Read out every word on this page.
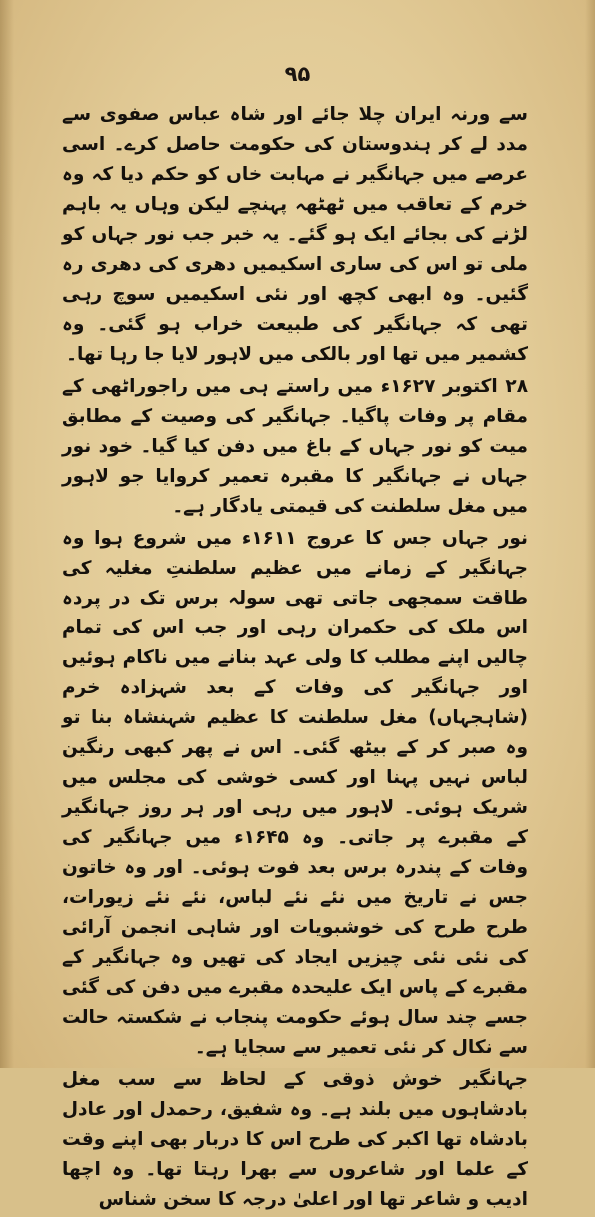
۹۵

سے ورنہ ایران چلا جائے اور شاہ عباس صفوی سے مدد لے کر ہندوستان کی حکومت حاصل کرے۔ اسی عرصے میں جہانگیر نے مہابت خاں کو حکم دیا کہ وہ خرم کے تعاقب میں ٹھٹھہ پہنچے لیکن وہاں یہ باہم لڑنے کی بجائے ایک ہو گئے۔ یہ خبر جب نور جہاں کو ملی تو اس کی ساری اسکیمیں دھری کی دھری رہ گئیں۔ وہ ابھی کچھ اور نئی اسکیمیں سوچ رہی تھی کہ جہانگیر کی طبیعت خراب ہو گئی۔ وہ کشمیر میں تھا اور بالکی میں لاہور لایا جا رہا تھا۔

۲۸ اکتوبر ۱۶۲۷ء میں راستے ہی میں راجوراٹھی کے مقام پر وفات پاگیا۔ جہانگیر کی وصیت کے مطابق میت کو نور جہاں کے باغ میں دفن کیا گیا۔ خود نور جہاں نے جہانگیر کا مقبرہ تعمیر کروایا جو لاہور میں مغل سلطنت کی قیمتی یادگار ہے۔

نور جہاں جس کا عروج ۱۶۱۱ء میں شروع ہوا وہ جہانگیر کے زمانے میں عظیم سلطنتِ مغلیہ کی طاقت سمجھی جاتی تھی سولہ برس تک در پردہ اس ملک کی حکمران رہی اور جب اس کی تمام چالیں اپنے مطلب کا ولی عہد بنانے میں ناکام ہوئیں اور جہانگیر کی وفات کے بعد شہزادہ خرم (شاہجہاں) مغل سلطنت کا عظیم شہنشاہ بنا تو وہ صبر کر کے بیٹھ گئی۔ اس نے پھر کبھی رنگین لباس نہیں پہنا اور کسی خوشی کی مجلس میں شریک ہوئی۔ لاہور میں رہی اور ہر روز جہانگیر کے مقبرے پر جاتی۔ وہ ۱۶۴۵ء میں جہانگیر کی وفات کے پندرہ برس بعد فوت ہوئی۔ اور وہ خاتون جس نے تاریخ میں نئے نئے لباس، نئے نئے زیورات، طرح طرح کی خوشبویات اور شاہی انجمن آرائی کی نئی نئی چیزیں ایجاد کی تھیں وہ جہانگیر کے مقبرے کے پاس ایک علیحدہ مقبرے میں دفن کی گئی جسے چند سال ہوئے حکومت پنجاب نے شکستہ حالت سے نکال کر نئی تعمیر سے سجایا ہے۔

جہانگیر خوش ذوقی کے لحاظ سے سب مغل بادشاہوں میں بلند ہے۔ وہ شفیق، رحمدل اور عادل بادشاہ تھا اکبر کی طرح اس کا دربار بھی اپنے وقت کے علما اور شاعروں سے بھرا رہتا تھا۔ وہ اچھا ادیب و شاعر تھا اور اعلیٰ درجہ کا سخن شناس
